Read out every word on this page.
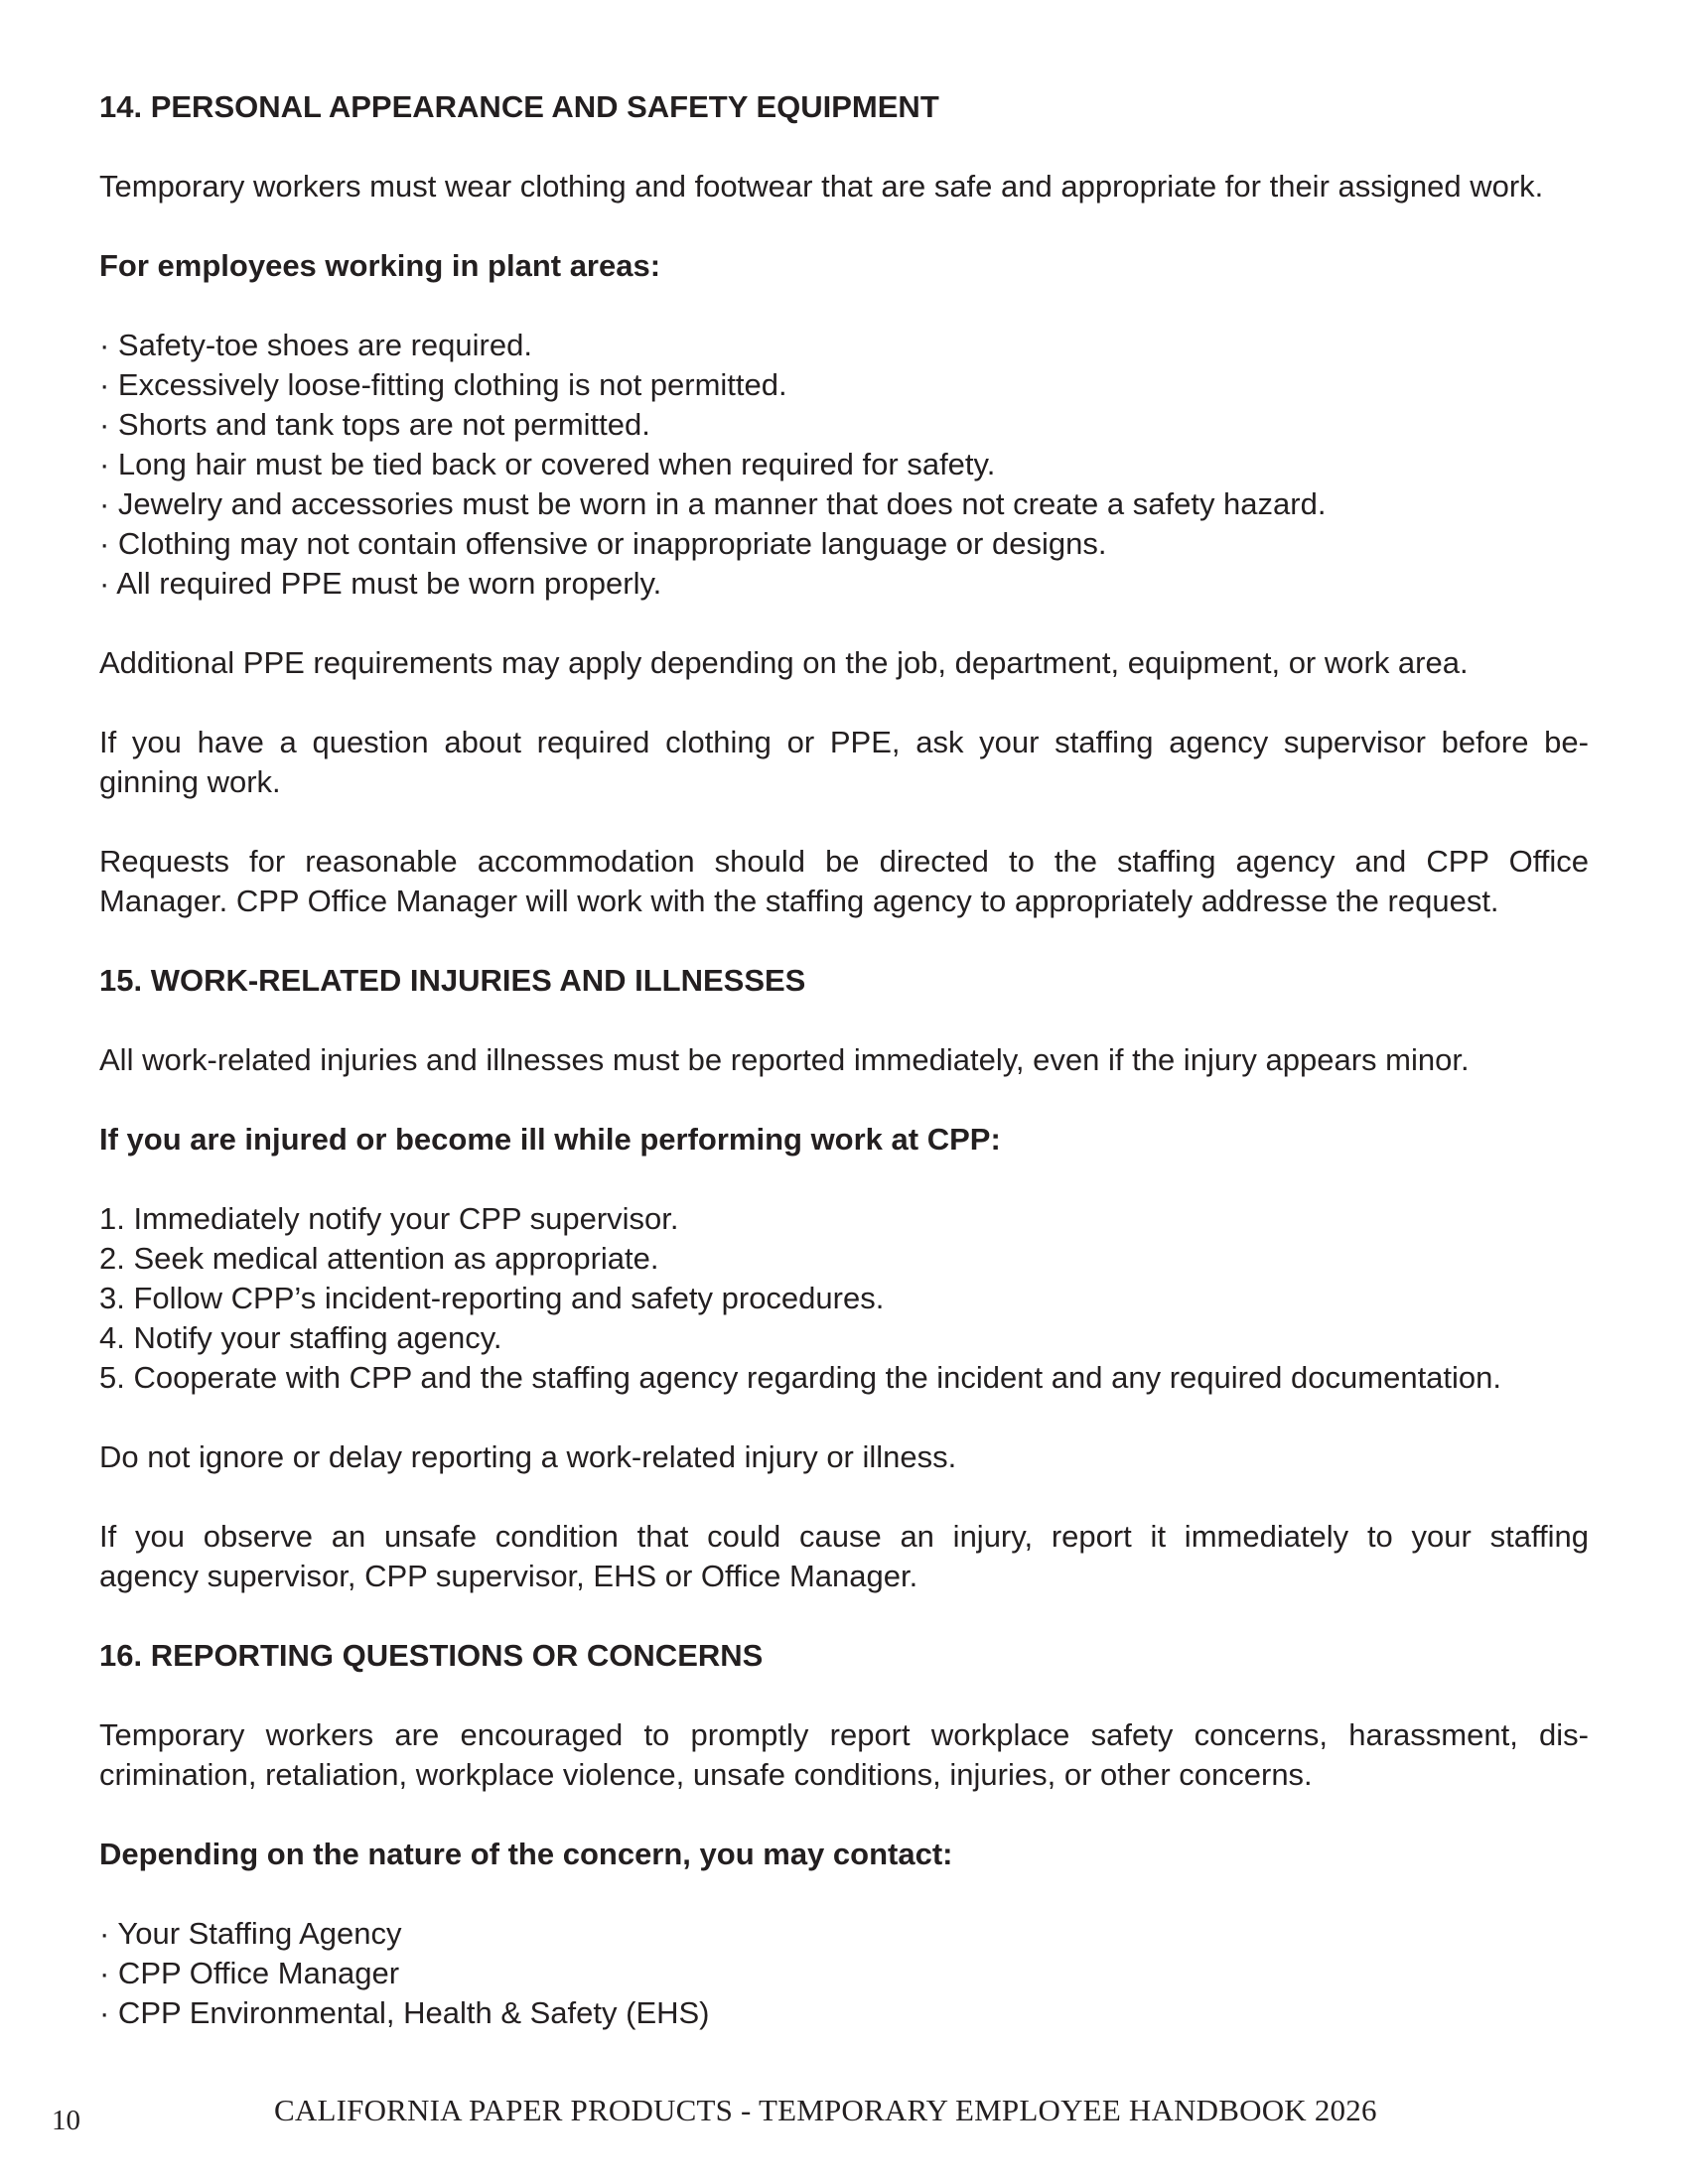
14. PERSONAL APPEARANCE AND SAFETY EQUIPMENT

Temporary workers must wear clothing and footwear that are safe and appropriate for their assigned work.

For employees working in plant areas:
· Safety-toe shoes are required.
· Excessively loose-fitting clothing is not permitted.
· Shorts and tank tops are not permitted.
· Long hair must be tied back or covered when required for safety.
· Jewelry and accessories must be worn in a manner that does not create a safety hazard.
· Clothing may not contain offensive or inappropriate language or designs.
· All required PPE must be worn properly.
Additional PPE requirements may apply depending on the job, department, equipment, or work area.

If you have a question about required clothing or PPE, ask your staffing agency supervisor before be-

ginning work.

Requests for reasonable accommodation should be directed to the staffing agency and CPP Office

Manager. CPP Office Manager will work with the staffing agency to appropriately addresse the request.
15. WORK-RELATED INJURIES AND ILLNESSES
All work-related injuries and illnesses must be reported immediately, even if the injury appears minor.
If you are injured or become ill while performing work at CPP:
1. Immediately notify your CPP supervisor.
2. Seek medical attention as appropriate.
3. Follow CPP’s incident-reporting and safety procedures.
4. Notify your staffing agency.
5. Cooperate with CPP and the staffing agency regarding the incident and any required documentation.
Do not ignore or delay reporting a work-related injury or illness.

If you observe an unsafe condition that could cause an injury, report it immediately to your staffing

agency supervisor, CPP supervisor, EHS or Office Manager.
16. REPORTING QUESTIONS OR CONCERNS

Temporary workers are encouraged to promptly report workplace safety concerns, harassment, dis-

crimination, retaliation, workplace violence, unsafe conditions, injuries, or other concerns.
Depending on the nature of the concern, you may contact:
· Your Staffing Agency
· CPP Office Manager
· CPP Environmental, Health & Safety (EHS)
10	CALIFORNIA PAPER PRODUCTS - TEMPORARY EMPLOYEE HANDBOOK 2026
